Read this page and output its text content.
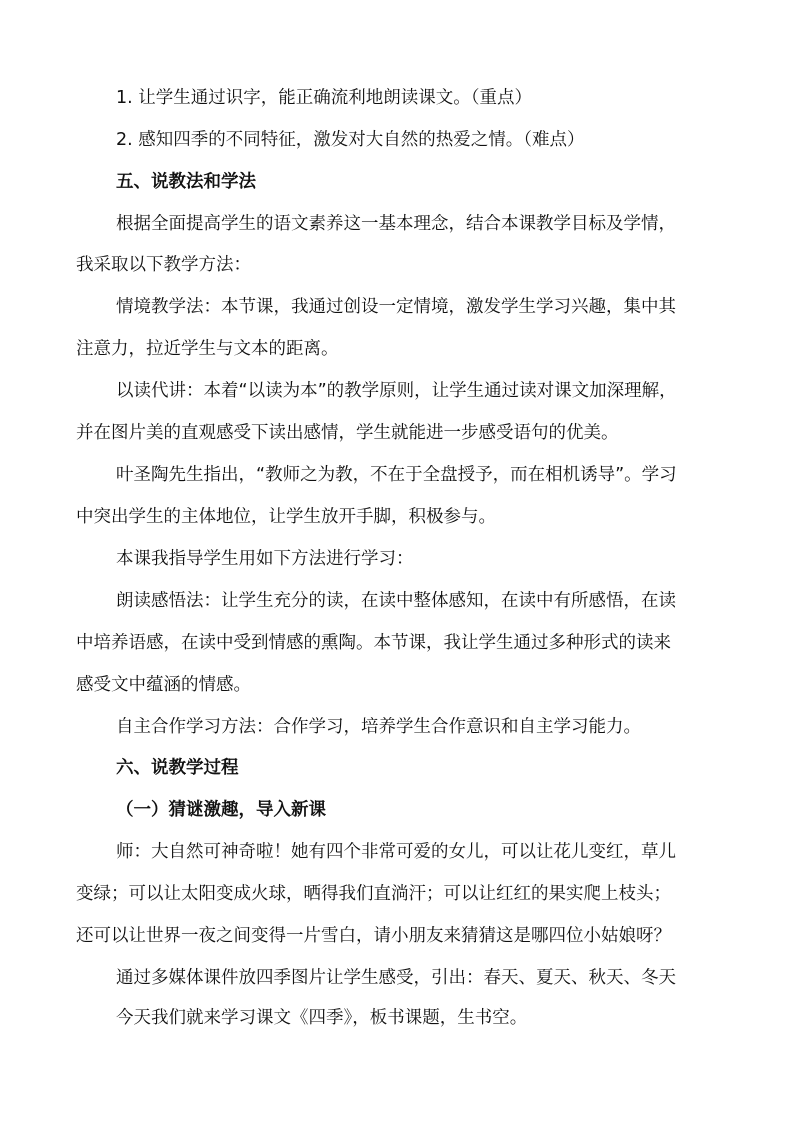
1. 让学生通过识字，能正确流利地朗读课文。（重点）
2. 感知四季的不同特征，激发对大自然的热爱之情。（难点）
五、说教法和学法
根据全面提高学生的语文素养这一基本理念，结合本课教学目标及学情，
我采取以下教学方法：
情境教学法：本节课，我通过创设一定情境，激发学生学习兴趣，集中其
注意力，拉近学生与文本的距离。
以读代讲：本着“以读为本”的教学原则，让学生通过读对课文加深理解，
并在图片美的直观感受下读出感情，学生就能进一步感受语句的优美。
叶圣陶先生指出，“教师之为教，不在于全盘授予，而在相机诱导”。学习
中突出学生的主体地位，让学生放开手脚，积极参与。
本课我指导学生用如下方法进行学习：
朗读感悟法：让学生充分的读，在读中整体感知，在读中有所感悟，在读
中培养语感，在读中受到情感的熏陶。本节课，我让学生通过多种形式的读来
感受文中蕴涵的情感。
自主合作学习方法：合作学习，培养学生合作意识和自主学习能力。
六、说教学过程
（一）猜谜激趣，导入新课
师：大自然可神奇啦！她有四个非常可爱的女儿，可以让花儿变红，草儿
变绿；可以让太阳变成火球，晒得我们直淌汗；可以让红红的果实爬上枝头；
还可以让世界一夜之间变得一片雪白，请小朋友来猜猜这是哪四位小姑娘呀？
通过多媒体课件放四季图片让学生感受，引出：春天、夏天、秋天、冬天
今天我们就来学习课文《四季》，板书课题，生书空。
